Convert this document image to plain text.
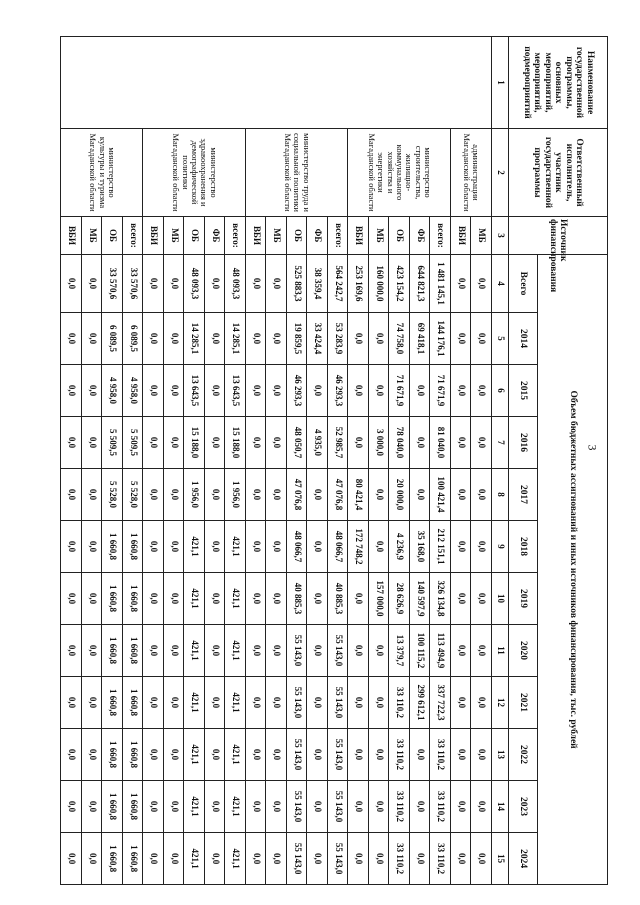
3
Наименование государственной программы, основных мероприятий, мероприятий, подмероприятий	Ответственный исполнитель, участник государственной программы	Источник финансирования	Объем бюджетных ассигнований и иных источников финансирования, тыс. рублей											
			Всего	2014	2015	2016	2017	2018	2019	2020	2021	2022	2023	2024
1	2	3	4	5	6	7	8	9	10	11	12	13	14	15
	администрации Магаданской области	МБ	0,0	0,0	0,0	0,0	0,0	0,0	0,0	0,0	0,0	0,0	0,0	0,0
		ВБИ	0,0	0,0	0,0	0,0	0,0	0,0	0,0	0,0	0,0	0,0	0,0	0,0
	министерство строительства, жилищно-коммунального хозяйства и энергетики Магаданской области	всего:	1 481 145,1	144 176,1	71 671,9	81 040,0	100 421,4	212 151,1	326 134,8	113 494,9	337 722,3	33 110,2	33 110,2	33 110,2
		ФБ	644 821,3	69 418,1	0,0	0,0	0,0	35 168,0	140 597,9	100 115,2	299 612,1	0,0	0,0	0,0
		ОБ	423 154,2	74 758,0	71 671,9	78 040,0	20 000,0	4 236,9	28 626,9	13 379,7	33 110,2	33 110,2	33 110,2	33 110,2
		МБ	160 000,0	0,0	0,0	3 000,0	0,0	0,0	157 000,0	0,0	0,0	0,0	0,0	0,0
		ВБИ	253 169,6	0,0	0,0	0,0	80 421,4	172 748,2	0,0	0,0	0,0	0,0	0,0	0,0
	министерство труда и социальной политики Магаданской области	всего:	564 242,7	53 283,9	46 293,3	52 985,7	47 076,8	48 066,7	40 885,3	55 143,0	55 143,0	55 143,0	55 143,0	55 143,0
		ФБ	38 359,4	33 424,4	0,0	4 935,0	0,0	0,0	0,0	0,0	0,0	0,0	0,0	0,0
		ОБ	525 883,3	19 859,5	46 293,3	48 050,7	47 076,8	48 066,7	40 885,3	55 143,0	55 143,0	55 143,0	55 143,0	55 143,0
		МБ	0,0	0,0	0,0	0,0	0,0	0,0	0,0	0,0	0,0	0,0	0,0	0,0
		ВБИ	0,0	0,0	0,0	0,0	0,0	0,0	0,0	0,0	0,0	0,0	0,0	0,0
	министерство здравоохранения и демографической политики Магаданской области	всего:	48 093,3	14 285,1	13 643,5	15 188,0	1 956,0	421,1	421,1	421,1	421,1	421,1	421,1	421,1
		ФБ	0,0	0,0	0,0	0,0	0,0	0,0	0,0	0,0	0,0	0,0	0,0	0,0
		ОБ	48 093,3	14 285,1	13 643,5	15 188,0	1 956,0	421,1	421,1	421,1	421,1	421,1	421,1	421,1
		МБ	0,0	0,0	0,0	0,0	0,0	0,0	0,0	0,0	0,0	0,0	0,0	0,0
		ВБИ	0,0	0,0	0,0	0,0	0,0	0,0	0,0	0,0	0,0	0,0	0,0	0,0
	министерство культуры и туризма Магаданской области	всего:	33 570,6	6 089,5	4 958,0	5 509,5	5 528,0	1 660,8	1 660,8	1 660,8	1 660,8	1 660,8	1 660,8	1 660,8
		ОБ	33 570,6	6 089,5	4 958,0	5 509,5	5 528,0	1 660,8	1 660,8	1 660,8	1 660,8	1 660,8	1 660,8	1 660,8
		МБ	0,0	0,0	0,0	0,0	0,0	0,0	0,0	0,0	0,0	0,0	0,0	0,0
		ВБИ	0,0	0,0	0,0	0,0	0,0	0,0	0,0	0,0	0,0	0,0	0,0	0,0
